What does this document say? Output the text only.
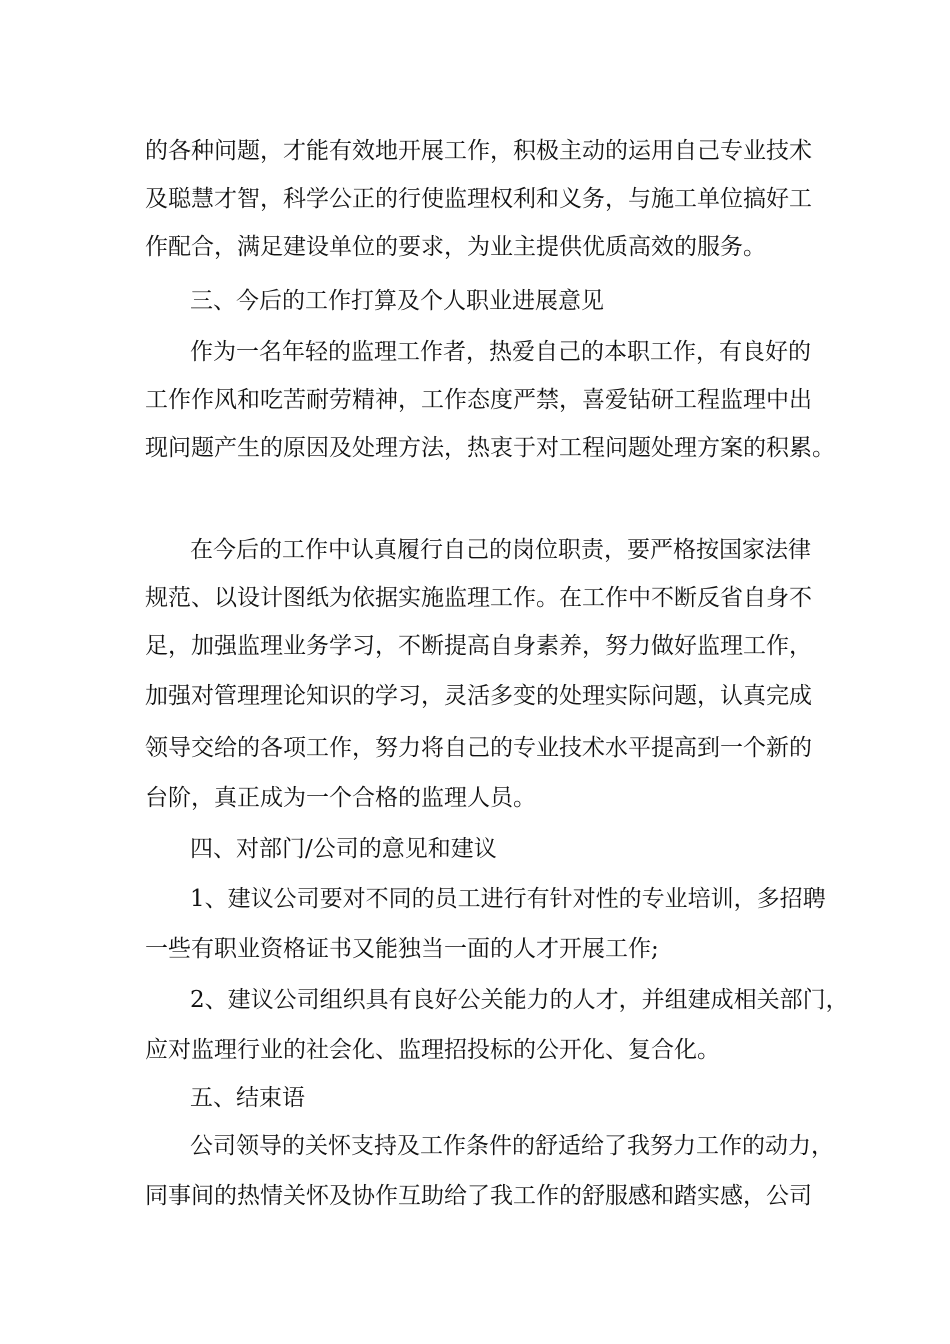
的各种问题，才能有效地开展工作，积极主动的运用自己专业技术
及聪慧才智，科学公正的行使监理权利和义务，与施工单位搞好工
作配合，满足建设单位的要求，为业主提供优质高效的服务。
三、今后的工作打算及个人职业进展意见
作为一名年轻的监理工作者，热爱自己的本职工作，有良好的
工作作风和吃苦耐劳精神，工作态度严禁，喜爱钻研工程监理中出
现问题产生的原因及处理方法，热衷于对工程问题处理方案的积累。
在今后的工作中认真履行自己的岗位职责，要严格按国家法律
规范、以设计图纸为依据实施监理工作。在工作中不断反省自身不
足，加强监理业务学习，不断提高自身素养，努力做好监理工作，
加强对管理理论知识的学习，灵活多变的处理实际问题，认真完成
领导交给的各项工作，努力将自己的专业技术水平提高到一个新的
台阶，真正成为一个合格的监理人员。
四、对部门/公司的意见和建议
1、建议公司要对不同的员工进行有针对性的专业培训，多招聘
一些有职业资格证书又能独当一面的人才开展工作;
2、建议公司组织具有良好公关能力的人才，并组建成相关部门，
应对监理行业的社会化、监理招投标的公开化、复合化。
五、结束语
公司领导的关怀支持及工作条件的舒适给了我努力工作的动力，
同事间的热情关怀及协作互助给了我工作的舒服感和踏实感，公司
